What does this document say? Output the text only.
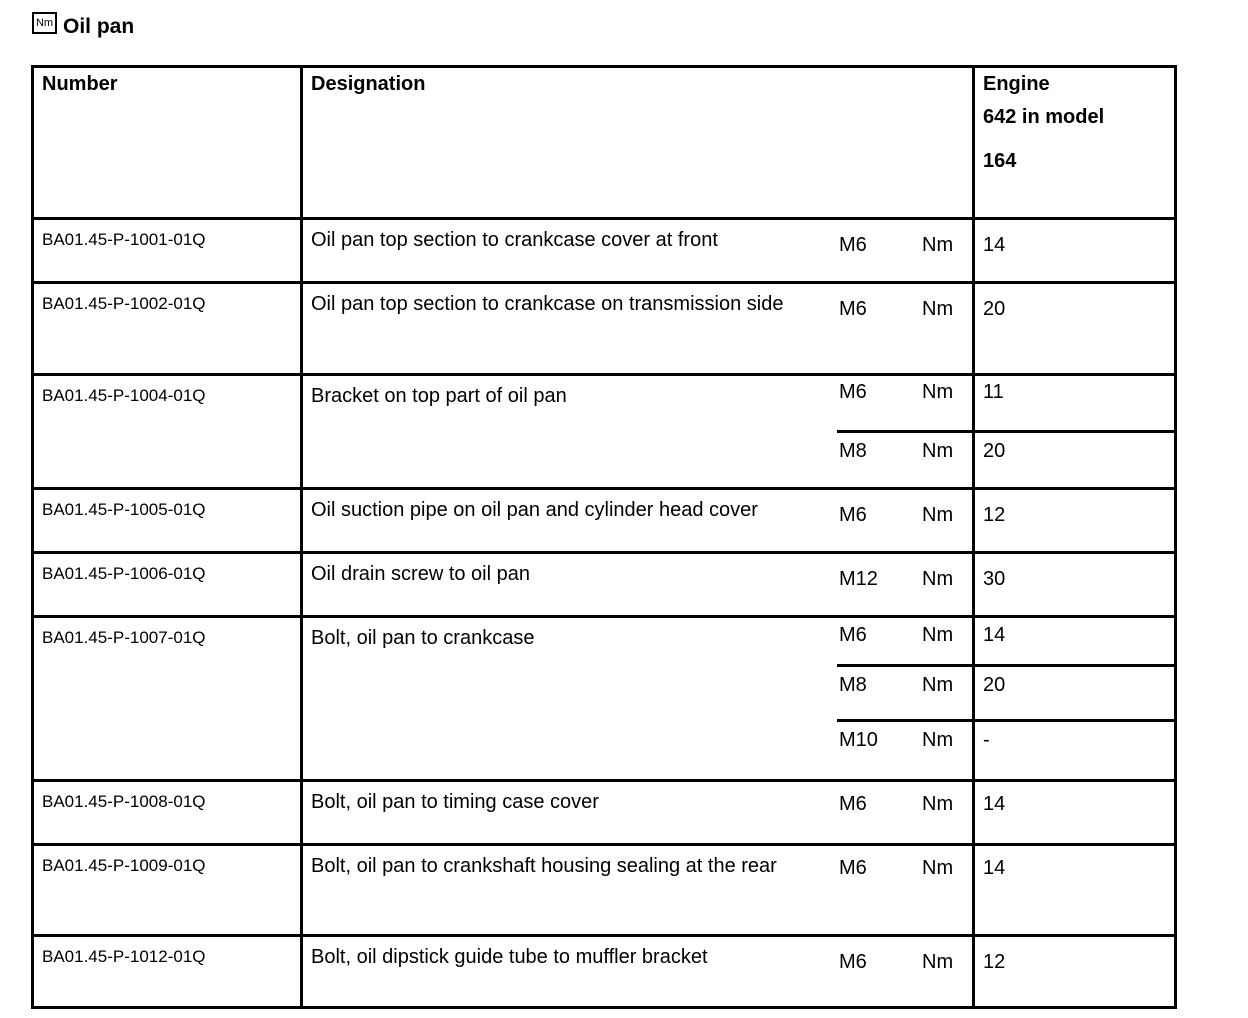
Nm Oil pan
Number	Designation	Engine
642 in model
164
BA01.45-P-1001-01Q	Oil pan top section to crankcase cover at front	M6	Nm 14
BA01.45-P-1002-01Q	Oil pan top section to crankcase on transmission side	M6	Nm 20
BA01.45-P-1004-01Q	Bracket on top part of oil pan	M6	Nm 11
M8	Nm 20
BA01.45-P-1005-01Q	Oil suction pipe on oil pan and cylinder head cover	M6	Nm 12
BA01.45-P-1006-01Q	Oil drain screw to oil pan	M12 Nm 30
BA01.45-P-1007-01Q	Bolt, oil pan to crankcase	M6	Nm 14
M8	Nm 20
M10 Nm -
BA01.45-P-1008-01Q	Bolt, oil pan to timing case cover	M6	Nm 14
BA01.45-P-1009-01Q	Bolt, oil pan to crankshaft housing sealing at the rear	M6	Nm 14
BA01.45-P-1012-01Q	Bolt, oil dipstick guide tube to muffler bracket	M6	Nm 12
